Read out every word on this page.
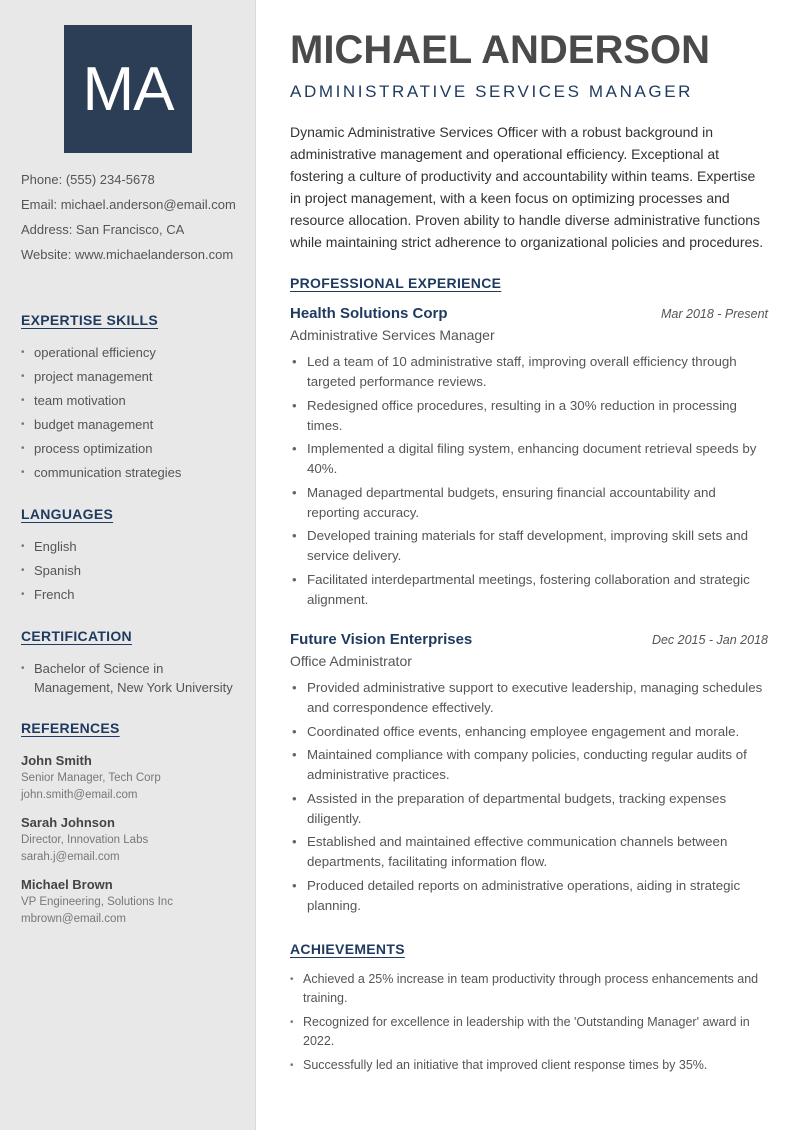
MA
Phone: (555) 234-5678
Email: michael.anderson@email.com
Address: San Francisco, CA
Website: www.michaelanderson.com
EXPERTISE SKILLS
• operational efficiency
• project management
• team motivation
• budget management
• process optimization
• communication strategies
LANGUAGES
• English
• Spanish
• French
CERTIFICATION
• Bachelor of Science in Management, New York University
REFERENCES
John Smith
Senior Manager, Tech Corp
john.smith@email.com
Sarah Johnson
Director, Innovation Labs
sarah.j@email.com
Michael Brown
VP Engineering, Solutions Inc
mbrown@email.com
MICHAEL ANDERSON
ADMINISTRATIVE SERVICES MANAGER
Dynamic Administrative Services Officer with a robust background in administrative management and operational efficiency. Exceptional at fostering a culture of productivity and accountability within teams. Expertise in project management, with a keen focus on optimizing processes and resource allocation. Proven ability to handle diverse administrative functions while maintaining strict adherence to organizational policies and procedures.
PROFESSIONAL EXPERIENCE
Health Solutions Corp	Mar 2018 - Present
Administrative Services Manager
• Led a team of 10 administrative staff, improving overall efficiency through targeted performance reviews.
• Redesigned office procedures, resulting in a 30% reduction in processing times.
• Implemented a digital filing system, enhancing document retrieval speeds by 40%.
• Managed departmental budgets, ensuring financial accountability and reporting accuracy.
• Developed training materials for staff development, improving skill sets and service delivery.
• Facilitated interdepartmental meetings, fostering collaboration and strategic alignment.
Future Vision Enterprises	Dec 2015 - Jan 2018
Office Administrator
• Provided administrative support to executive leadership, managing schedules and correspondence effectively.
• Coordinated office events, enhancing employee engagement and morale.
• Maintained compliance with company policies, conducting regular audits of administrative practices.
• Assisted in the preparation of departmental budgets, tracking expenses diligently.
• Established and maintained effective communication channels between departments, facilitating information flow.
• Produced detailed reports on administrative operations, aiding in strategic planning.
ACHIEVEMENTS
• Achieved a 25% increase in team productivity through process enhancements and training.
• Recognized for excellence in leadership with the 'Outstanding Manager' award in 2022.
• Successfully led an initiative that improved client response times by 35%.
